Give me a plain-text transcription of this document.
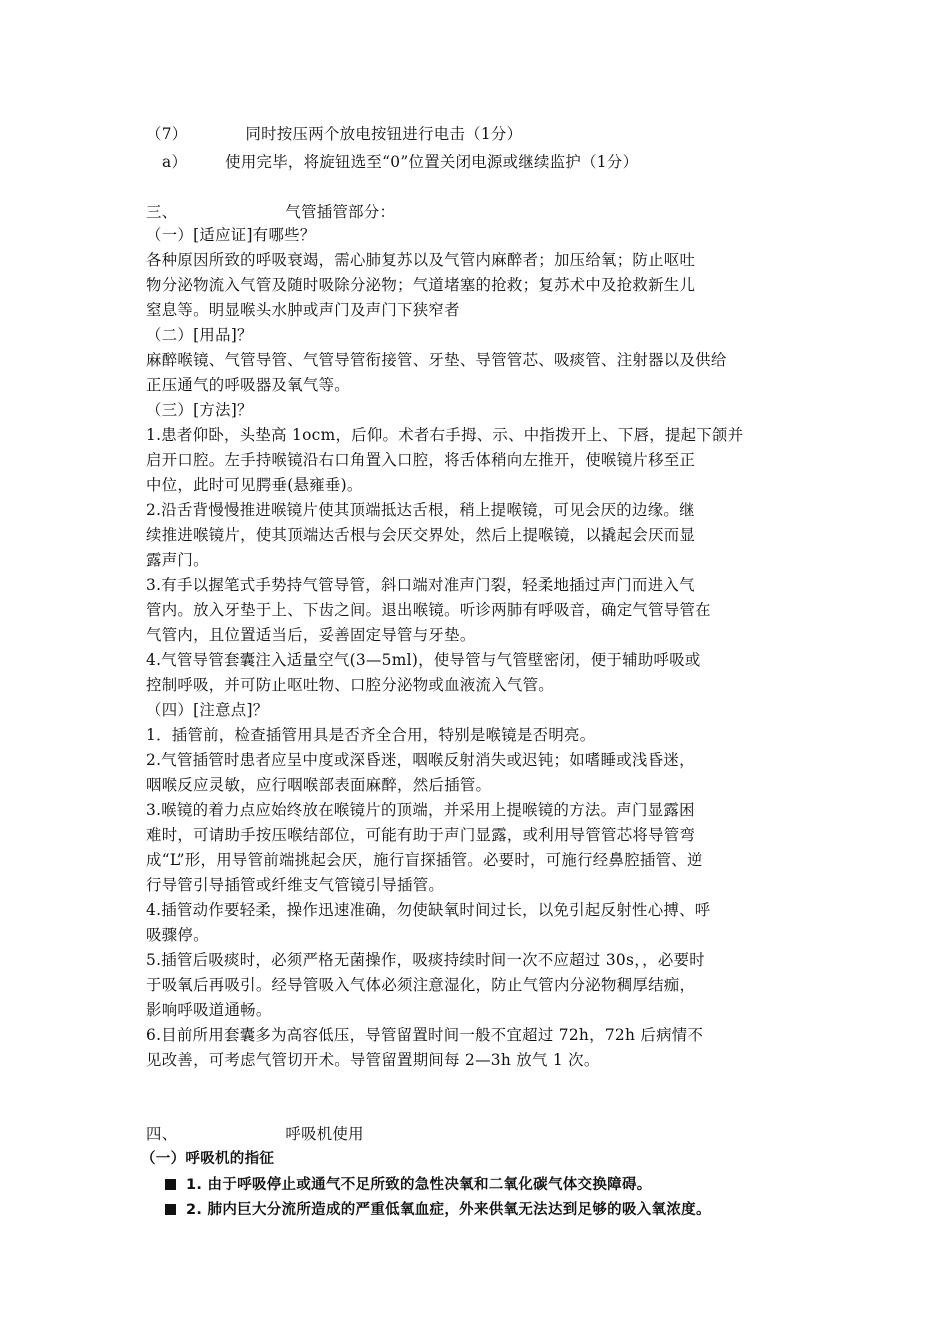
（7）	同时按压两个放电按钮进行电击（1分）
a） 使用完毕，将旋钮选至“0”位置关闭电源或继续监护（1分）
三、	气管插管部分：
（一）[适应证]有哪些？
各种原因所致的呼吸衰竭，需心肺复苏以及气管内麻醉者；加压给氧；防止呕吐
物分泌物流入气管及随时吸除分泌物；气道堵塞的抢救；复苏术中及抢救新生儿
窒息等。明显喉头水肿或声门及声门下狭窄者
（二）[用品]？
麻醉喉镜、气管导管、气管导管衔接管、牙垫、导管管芯、吸痰管、注射器以及供给
正压通气的呼吸器及氧气等。
（三）[方法]？
1.患者仰卧，头垫高 1ocm，后仰。术者右手拇、示、中指拨开上、下唇，提起下颌并
启开口腔。左手持喉镜沿右口角置入口腔，将舌体稍向左推开，使喉镜片移至正
中位，此时可见腭垂(悬雍垂)。
2.沿舌背慢慢推进喉镜片使其顶端抵达舌根，稍上提喉镜，可见会厌的边缘。继
续推进喉镜片，使其顶端达舌根与会厌交界处，然后上提喉镜，以撬起会厌而显
露声门。
3.有手以握笔式手势持气管导管，斜口端对准声门裂，轻柔地插过声门而进入气
管内。放入牙垫于上、下齿之间。退出喉镜。听诊两肺有呼吸音，确定气管导管在
气管内，且位置适当后，妥善固定导管与牙垫。
4.气管导管套囊注入适量空气(3—5ml)，使导管与气管壁密闭，便于辅助呼吸或
控制呼吸，并可防止呕吐物、口腔分泌物或血液流入气管。
（四）[注意点]？
1．插管前，检查插管用具是否齐全合用，特别是喉镜是否明亮。
2.气管插管时患者应呈中度或深昏迷，咽喉反射消失或迟钝；如嗜睡或浅昏迷，
咽喉反应灵敏，应行咽喉部表面麻醉，然后插管。
3.喉镜的着力点应始终放在喉镜片的顶端，并采用上提喉镜的方法。声门显露困
难时，可请助手按压喉结部位，可能有助于声门显露，或利用导管管芯将导管弯
成“L”形，用导管前端挑起会厌，施行盲探插管。必要时，可施行经鼻腔插管、逆
行导管引导插管或纤维支气管镜引导插管。
4.插管动作要轻柔，操作迅速准确，勿使缺氧时间过长，以免引起反射性心搏、呼
吸骤停。
5.插管后吸痰时，必须严格无菌操作，吸痰持续时间一次不应超过 30s，，必要时
于吸氧后再吸引。经导管吸入气体必须注意湿化，防止气管内分泌物稠厚结痂，
影响呼吸道通畅。
6.目前所用套囊多为高容低压，导管留置时间一般不宜超过 72h，72h 后病情不
见改善，可考虑气管切开术。导管留置期间每 2—3h 放气 1 次。
四、	呼吸机使用
（一）呼吸机的指征
1. 由于呼吸停止或通气不足所致的急性决氧和二氧化碳气体交换障碍。
2. 肺内巨大分流所造成的严重低氧血症，外来供氧无法达到足够的吸入氧浓度。
